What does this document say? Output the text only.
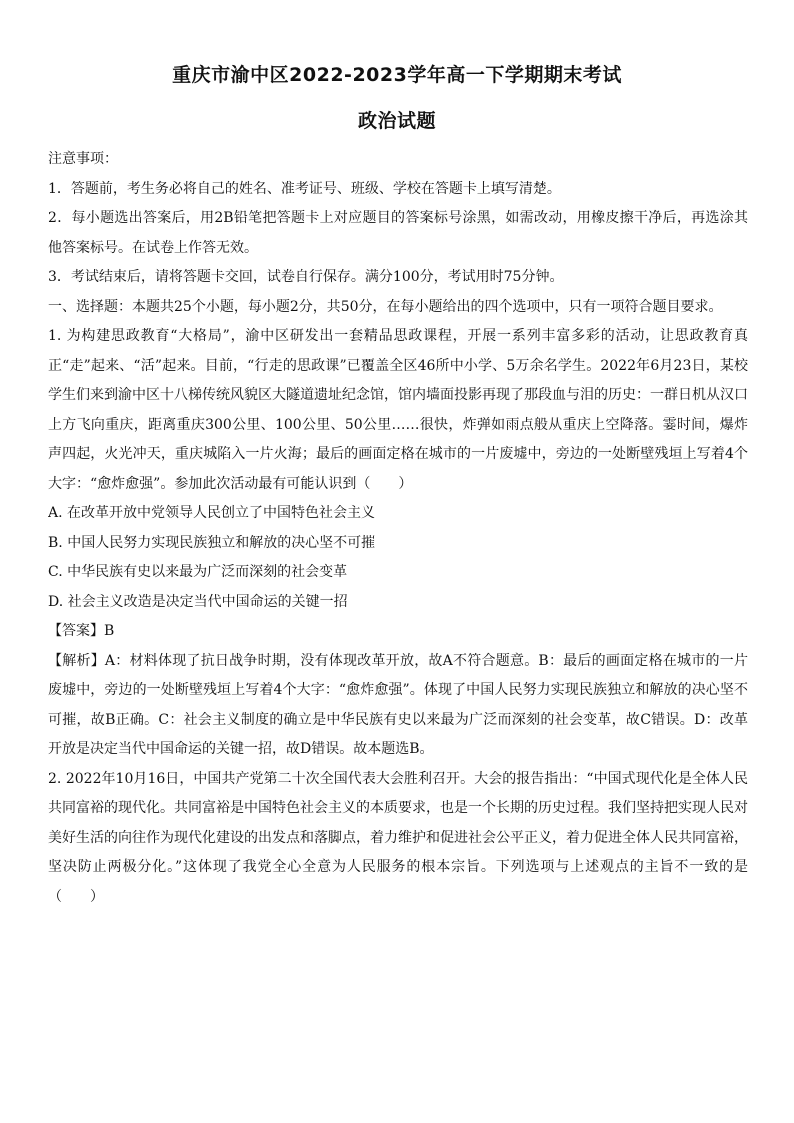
重庆市渝中区2022-2023学年高一下学期期末考试
政治试题
注意事项：
1．答题前，考生务必将自己的姓名、准考证号、班级、学校在答题卡上填写清楚。
2．每小题选出答案后，用2B铅笔把答题卡上对应题目的答案标号涂黑，如需改动，用橡皮擦干净后，再选涂其他答案标号。在试卷上作答无效。
3．考试结束后，请将答题卡交回，试卷自行保存。满分100分，考试用时75分钟。
一、选择题：本题共25个小题，每小题2分，共50分，在每小题给出的四个选项中，只有一项符合题目要求。
1. 为构建思政教育“大格局”，渝中区研发出一套精品思政课程，开展一系列丰富多彩的活动，让思政教育真正“走”起来、“活”起来。目前，“行走的思政课”已覆盖全区46所中小学、5万余名学生。2022年6月23日，某校学生们来到渝中区十八梯传统风貌区大隧道遗址纪念馆，馆内墙面投影再现了那段血与泪的历史：一群日机从汉口上方飞向重庆，距离重庆300公里、100公里、50公里……很快，炸弹如雨点般从重庆上空降落。霎时间，爆炸声四起，火光冲天，重庆城陷入一片火海；最后的画面定格在城市的一片废墟中，旁边的一处断壁残垣上写着4个大字：“愈炸愈强”。参加此次活动最有可能认识到（　　）
A. 在改革开放中党领导人民创立了中国特色社会主义
B. 中国人民努力实现民族独立和解放的决心坚不可摧
C. 中华民族有史以来最为广泛而深刻的社会变革
D. 社会主义改造是决定当代中国命运的关键一招
【答案】B
【解析】A：材料体现了抗日战争时期，没有体现改革开放，故A不符合题意。B：最后的画面定格在城市的一片废墟中，旁边的一处断壁残垣上写着4个大字：“愈炸愈强”。体现了中国人民努力实现民族独立和解放的决心坚不可摧，故B正确。C：社会主义制度的确立是中华民族有史以来最为广泛而深刻的社会变革，故C错误。D：改革开放是决定当代中国命运的关键一招，故D错误。故本题选B。
2. 2022年10月16日，中国共产党第二十次全国代表大会胜利召开。大会的报告指出：“中国式现代化是全体人民共同富裕的现代化。共同富裕是中国特色社会主义的本质要求，也是一个长期的历史过程。我们坚持把实现人民对美好生活的向往作为现代化建设的出发点和落脚点，着力维护和促进社会公平正义，着力促进全体人民共同富裕，坚决防止两极分化。”这体现了我党全心全意为人民服务的根本宗旨。下列选项与上述观点的主旨不一致的是（　　）
